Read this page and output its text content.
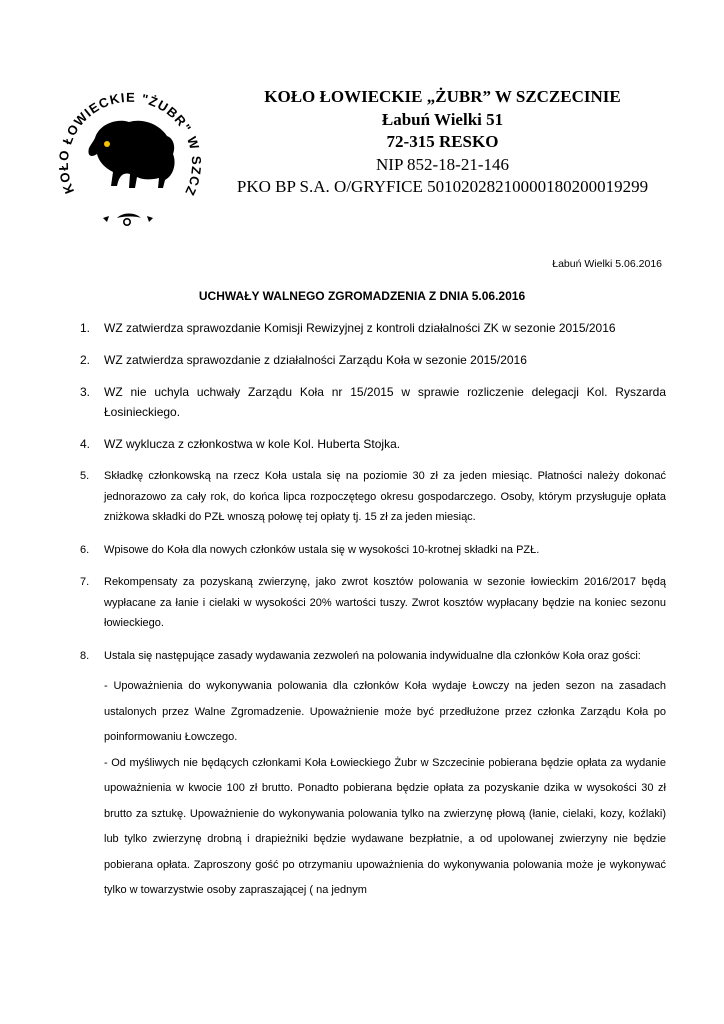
KOŁO ŁOWIECKIE "ŻUBR" W SZCZ
KOŁO ŁOWIECKIE „ŻUBR” W SZCZECINIE
Łabuń Wielki 51
72-315 RESKO
NIP 852-18-21-146
PKO BP S.A. O/GRYFICE 50102028210000180200019299
Łabuń Wielki 5.06.2016
UCHWAŁY WALNEGO ZGROMADZENIA Z DNIA 5.06.2016
1. WZ zatwierdza sprawozdanie Komisji Rewizyjnej z kontroli działalności ZK w sezonie 2015/2016
2. WZ zatwierdza sprawozdanie z działalności Zarządu Koła w sezonie 2015/2016
3. WZ nie uchyla uchwały Zarządu Koła nr 15/2015 w sprawie rozliczenie delegacji Kol. Ryszarda Łosinieckiego.
4. WZ wyklucza z członkostwa w kole Kol. Huberta Stojka.
5. Składkę członkowską na rzecz Koła ustala się na poziomie 30 zł za jeden miesiąc. Płatności należy dokonać jednorazowo za cały rok, do końca lipca rozpoczętego okresu gospodarczego. Osoby, którym przysługuje opłata zniżkowa składki do PZŁ wnoszą połowę tej opłaty tj. 15 zł za jeden miesiąc.
6. Wpisowe do Koła dla nowych członków ustala się w wysokości 10-krotnej składki na PZŁ.
7. Rekompensaty za pozyskaną zwierzynę, jako zwrot kosztów polowania w sezonie łowieckim 2016/2017 będą wypłacane za łanie i cielaki w wysokości 20% wartości tuszy. Zwrot kosztów wypłacany będzie na koniec sezonu łowieckiego.
8. Ustala się następujące zasady wydawania zezwoleń na polowania indywidualne dla członków Koła oraz gości:

- Upoważnienia do wykonywania polowania dla członków Koła wydaje Łowczy na jeden sezon na zasadach ustalonych przez Walne Zgromadzenie. Upoważnienie może być przedłużone przez członka Zarządu Koła po poinformowaniu Łowczego.

- Od myśliwych nie będących członkami Koła Łowieckiego Żubr w Szczecinie pobierana będzie opłata za wydanie upoważnienia w kwocie 100 zł brutto. Ponadto pobierana będzie opłata za pozyskanie dzika w wysokości 30 zł brutto za sztukę. Upoważnienie do wykonywania polowania tylko na zwierzynę płową (łanie, cielaki, kozy, koźlaki) lub tylko zwierzynę drobną i drapieżniki będzie wydawane bezpłatnie, a od upolowanej zwierzyny nie będzie pobierana opłata. Zaproszony gość po otrzymaniu upoważnienia do wykonywania polowania może je wykonywać tylko w towarzystwie osoby zapraszającej ( na jednym
